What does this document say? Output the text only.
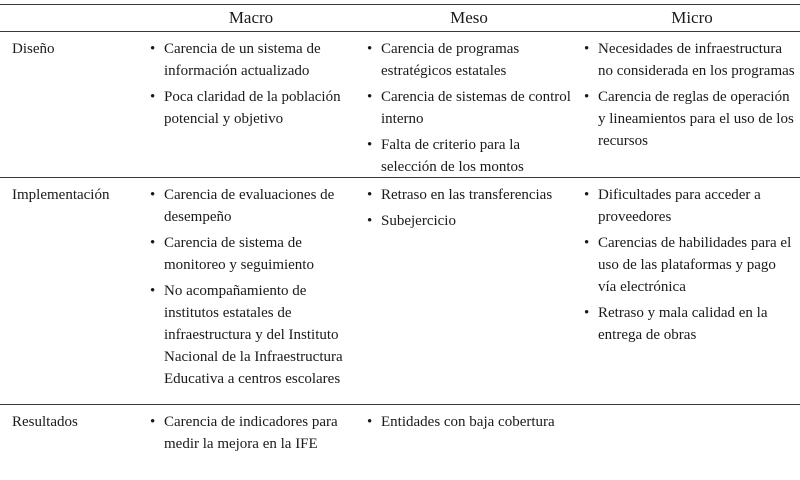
Macro	Meso	Micro
Diseño
Implementación
Resultados
• Carencia de un sistema de información actualizado
• Poca claridad de la población potencial y objetivo
• Carencia de programas estratégicos estatales
• Carencia de sistemas de control interno
• Falta de criterio para la selección de los montos
• Necesidades de infraestructura no considerada en los programas
• Carencia de reglas de operación y lineamientos para el uso de los recursos
• Carencia de evaluaciones de desempeño
• Carencia de sistema de monitoreo y seguimiento
• No acompañamiento de institutos estatales de infraestructura y del Instituto Nacional de la Infraestructura Educativa a centros escolares
• Retraso en las transferencias
• Subejercicio
• Dificultades para acceder a proveedores
• Carencias de habilidades para el uso de las plataformas y pago vía electrónica
• Retraso y mala calidad en la entrega de obras
• Carencia de indicadores para medir la mejora en la IFE
• Entidades con baja cobertura
